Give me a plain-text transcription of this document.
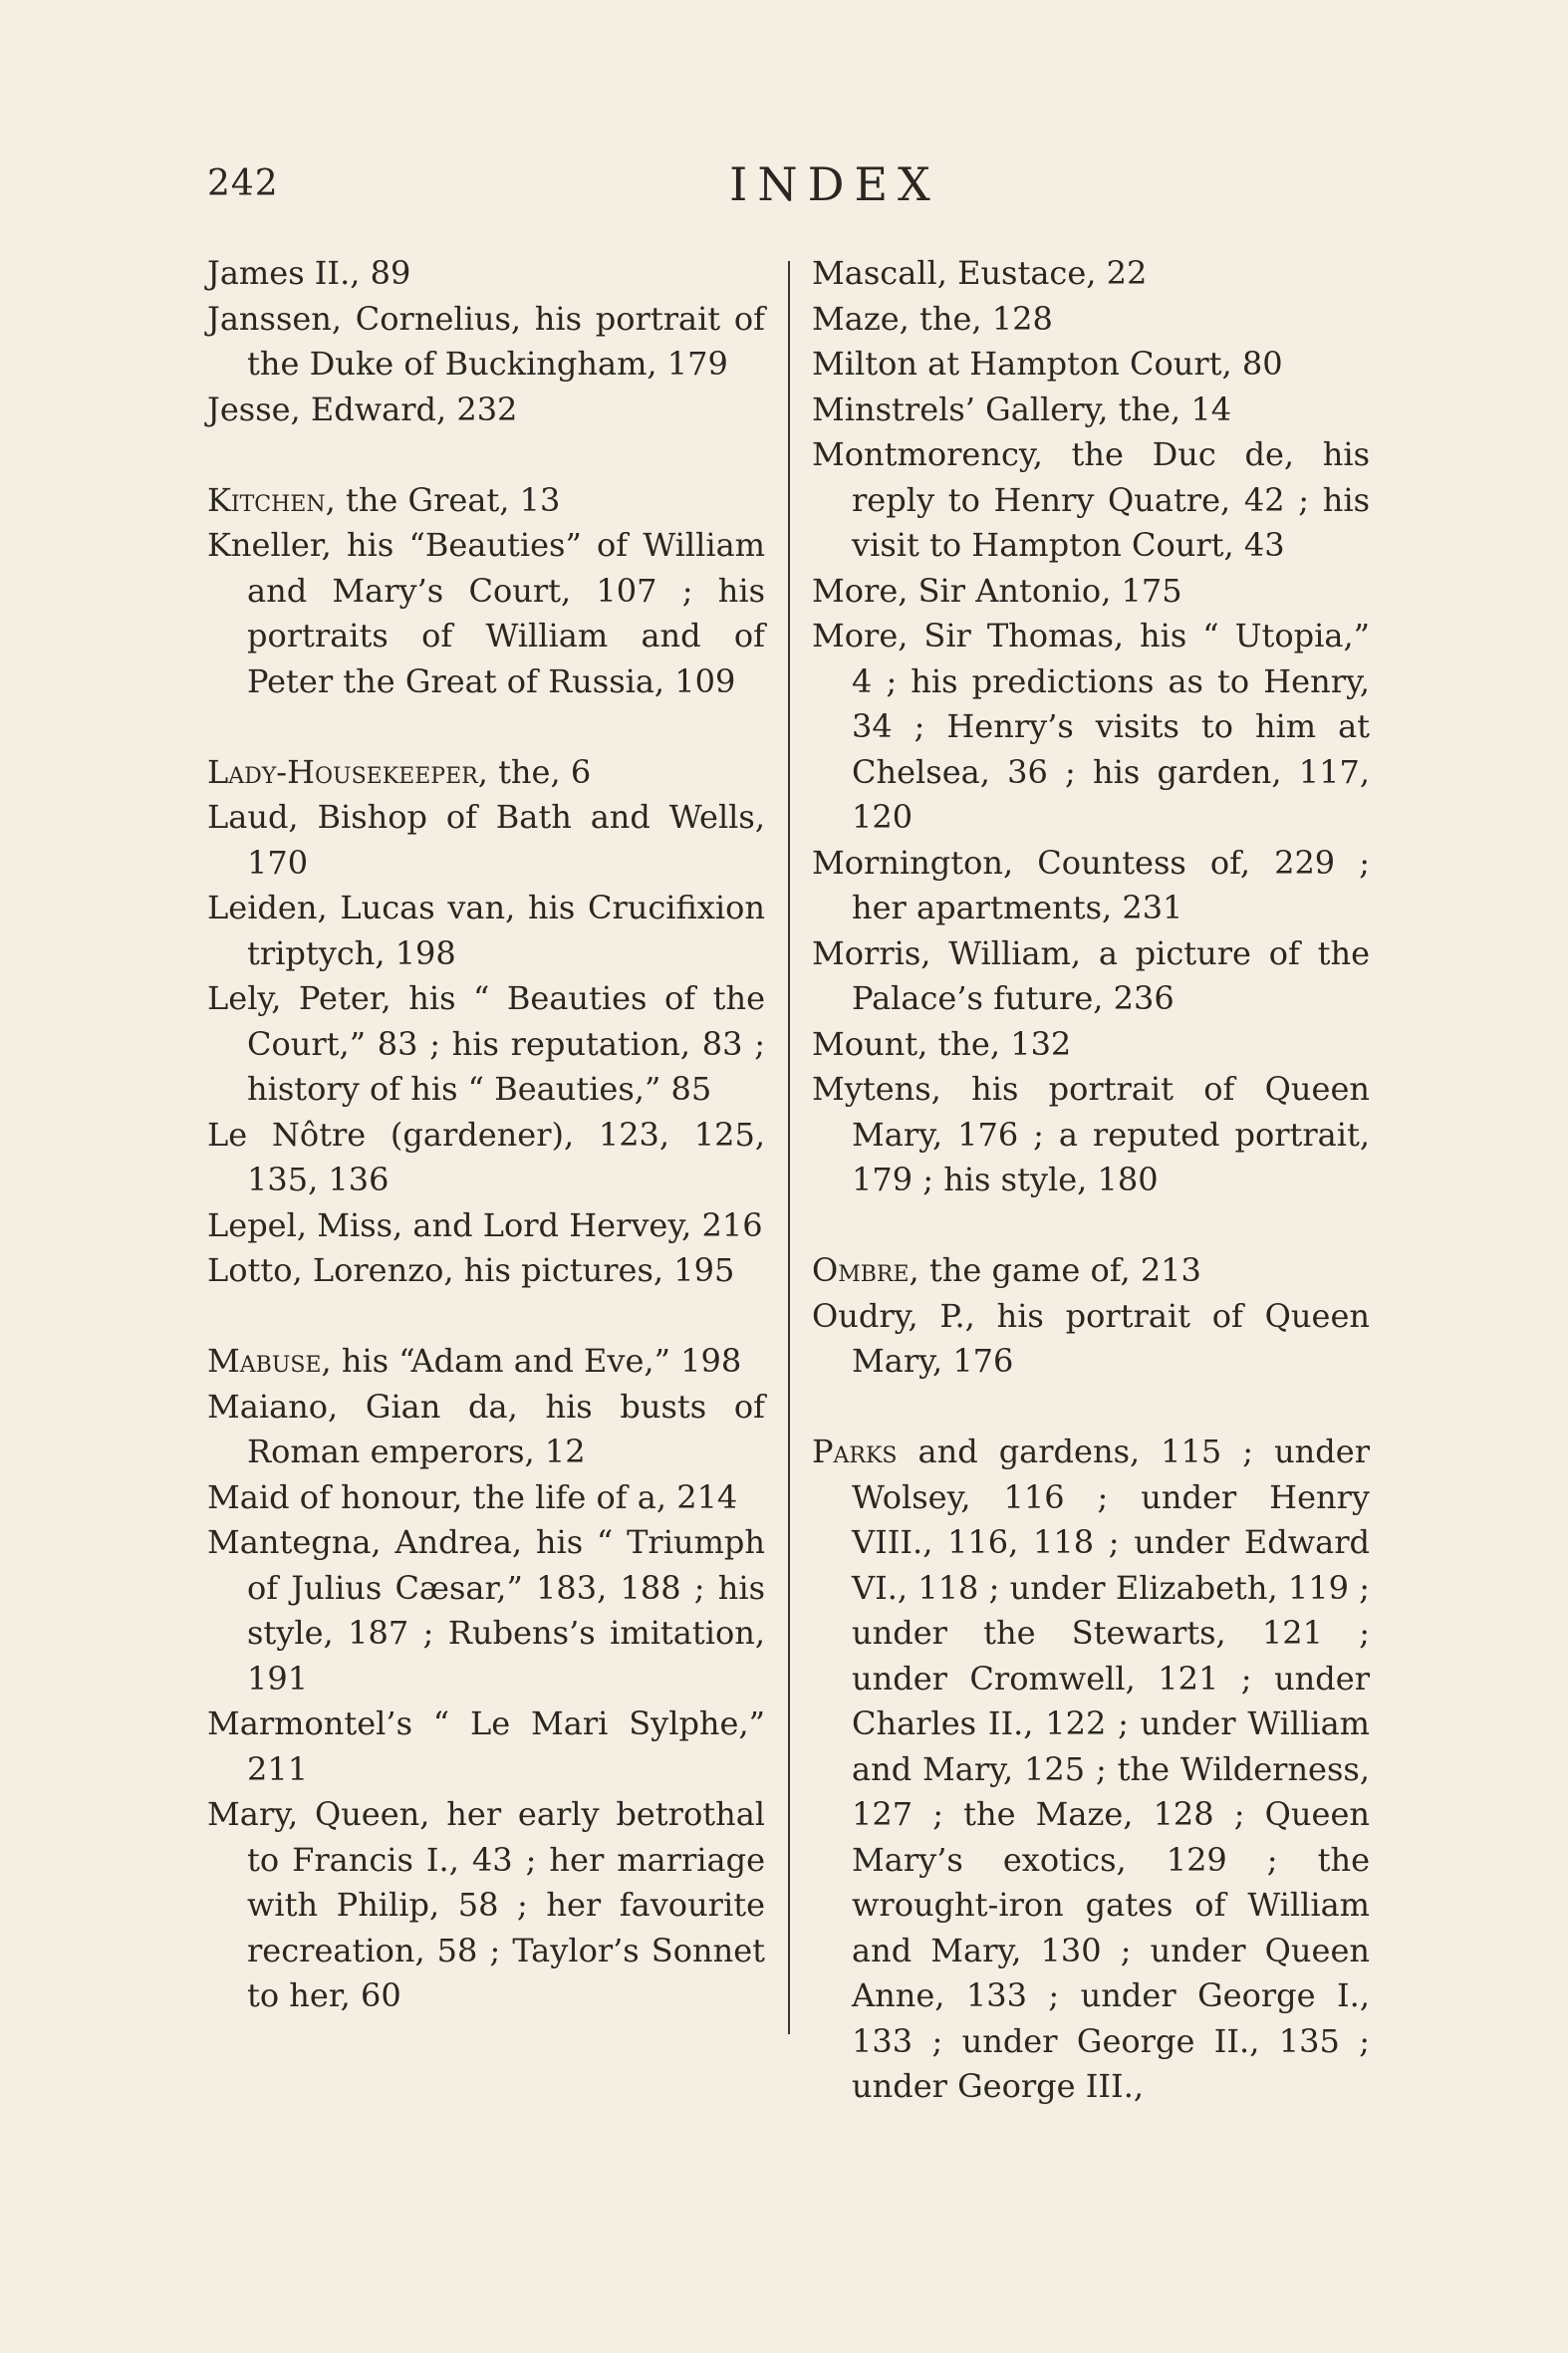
242	INDEX

James II., 89

Janssen, Cornelius, his portrait of the Duke of Buckingham, 179

Jesse, Edward, 232

Kitchen, the Great, 13

Kneller, his “Beauties” of William and Mary’s Court, 107 ; his portraits of William and of Peter the Great of Russia, 109

Lady-Housekeeper, the, 6

Laud, Bishop of Bath and Wells, 170

Leiden, Lucas van, his Crucifixion triptych, 198

Lely, Peter, his “ Beauties of the Court,” 83 ; his reputation, 83 ; history of his “ Beauties,” 85

Le Nôtre (gardener), 123, 125, 135, 136

Lepel, Miss, and Lord Hervey, 216

Lotto, Lorenzo, his pictures, 195

Mabuse, his “Adam and Eve,” 198

Maiano, Gian da, his busts of Roman emperors, 12

Maid of honour, the life of a, 214

Mantegna, Andrea, his “ Triumph of Julius Cæsar,” 183, 188 ; his style, 187 ; Rubens’s imitation, 191

Marmontel’s “ Le Mari Sylphe,” 211

Mary, Queen, her early betrothal to Francis I., 43 ; her marriage with Philip, 58 ; her favourite recreation, 58 ; Taylor’s Sonnet to her, 60

Mascall, Eustace, 22

Maze, the, 128

Milton at Hampton Court, 80

Minstrels’ Gallery, the, 14

Montmorency, the Duc de, his reply to Henry Quatre, 42 ; his visit to Hampton Court, 43

More, Sir Antonio, 175

More, Sir Thomas, his “ Utopia,” 4 ; his predictions as to Henry, 34 ; Henry’s visits to him at Chelsea, 36 ; his garden, 117, 120

Mornington, Countess of, 229 ; her apartments, 231

Morris, William, a picture of the Palace’s future, 236

Mount, the, 132

Mytens, his portrait of Queen Mary, 176 ; a reputed portrait, 179 ; his style, 180

Ombre, the game of, 213

Oudry, P., his portrait of Queen Mary, 176

Parks and gardens, 115 ; under Wolsey, 116 ; under Henry VIII., 116, 118 ; under Edward VI., 118 ; under Elizabeth, 119 ; under the Stewarts, 121 ; under Cromwell, 121 ; under Charles II., 122 ; under William and Mary, 125 ; the Wilderness, 127 ; the Maze, 128 ; Queen Mary’s exotics, 129 ; the wrought-iron gates of William and Mary, 130 ; under Queen Anne, 133 ; under George I., 133 ; under George II., 135 ; under George III.,
